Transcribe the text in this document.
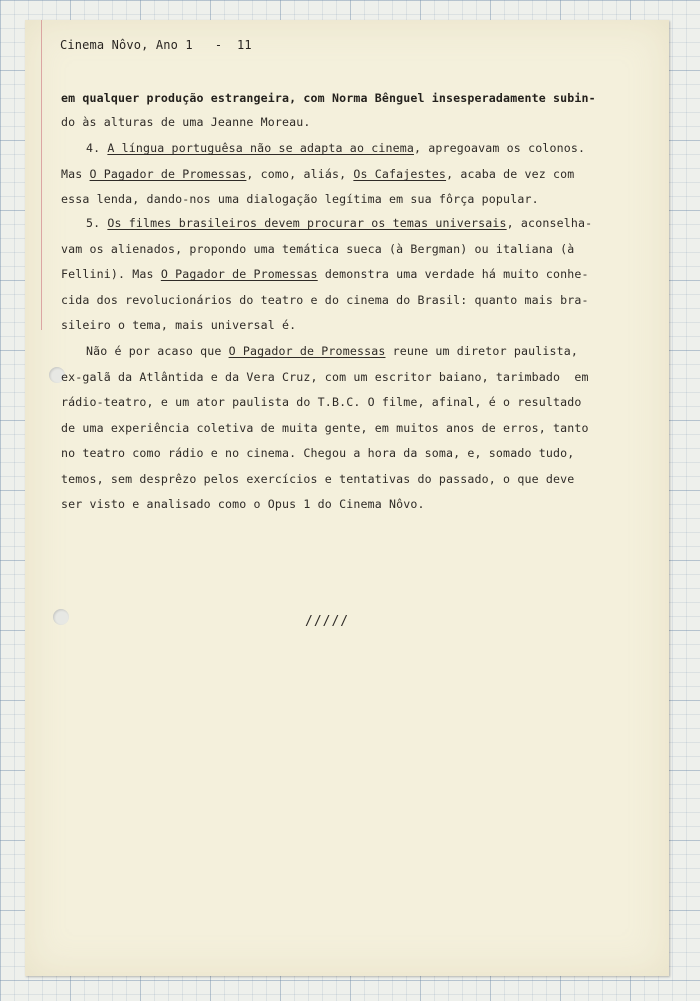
Cinema Nôvo, Ano 1   -  11
em qualquer produção estrangeira, com Norma Bênguel insesperadamente subin-
do às alturas de uma Jeanne Moreau.
4. A língua portuguêsa não se adapta ao cinema, apregoavam os colonos.
Mas O Pagador de Promessas, como, aliás, Os Cafajestes, acaba de vez com
essa lenda, dando-nos uma dialogação legítima em sua fôrça popular.
5. Os filmes brasileiros devem procurar os temas universais, aconselha-
vam os alienados, propondo uma temática sueca (à Bergman) ou italiana (à
Fellini). Mas O Pagador de Promessas demonstra uma verdade há muito conhe-
cida dos revolucionários do teatro e do cinema do Brasil: quanto mais bra-
sileiro o tema, mais universal é.
Não é por acaso que O Pagador de Promessas reune um diretor paulista,
ex-galã da Atlântida e da Vera Cruz, com um escritor baiano, tarimbado  em
rádio-teatro, e um ator paulista do T.B.C. O filme, afinal, é o resultado
de uma experiência coletiva de muita gente, em muitos anos de erros, tanto
no teatro como rádio e no cinema. Chegou a hora da soma, e, somado tudo,
temos, sem desprêzo pelos exercícios e tentativas do passado, o que deve
ser visto e analisado como o Opus 1 do Cinema Nôvo.
/////
